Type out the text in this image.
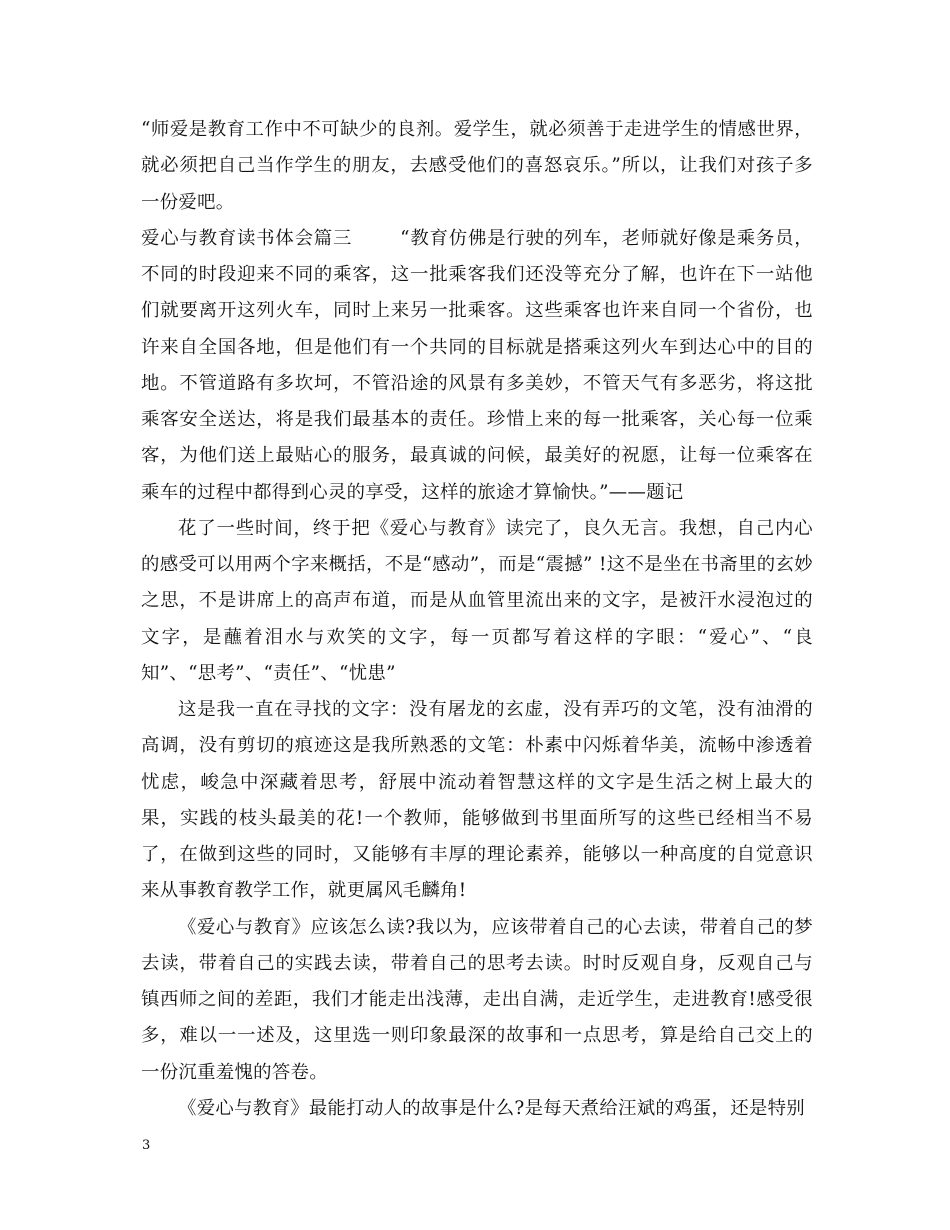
“师爱是教育工作中不可缺少的良剂。爱学生，就必须善于走进学生的情感世界，就必须把自己当作学生的朋友，去感受他们的喜怒哀乐。”所以，让我们对孩子多一份爱吧。

爱心与教育读书体会篇三	“教育仿佛是行驶的列车，老师就好像是乘务员，不同的时段迎来不同的乘客，这一批乘客我们还没等充分了解，也许在下一站他们就要离开这列火车，同时上来另一批乘客。这些乘客也许来自同一个省份，也许来自全国各地，但是他们有一个共同的目标就是搭乘这列火车到达心中的目的地。不管道路有多坎坷，不管沿途的风景有多美妙，不管天气有多恶劣，将这批乘客安全送达，将是我们最基本的责任。珍惜上来的每一批乘客，关心每一位乘客，为他们送上最贴心的服务，最真诚的问候，最美好的祝愿，让每一位乘客在乘车的过程中都得到心灵的享受，这样的旅途才算愉快。”——题记

花了一些时间，终于把《爱心与教育》读完了，良久无言。我想，自己内心的感受可以用两个字来概括，不是“感动”，而是“震撼” !这不是坐在书斋里的玄妙之思，不是讲席上的高声布道，而是从血管里流出来的文字，是被汗水浸泡过的文字，是蘸着泪水与欢笑的文字，每一页都写着这样的字眼：“爱心”、“良知”、“思考”、“责任”、“忧患”

这是我一直在寻找的文字：没有屠龙的玄虚，没有弄巧的文笔，没有油滑的高调，没有剪切的痕迹这是我所熟悉的文笔：朴素中闪烁着华美，流畅中渗透着忧虑，峻急中深藏着思考，舒展中流动着智慧这样的文字是生活之树上最大的果，实践的枝头最美的花!一个教师，能够做到书里面所写的这些已经相当不易了，在做到这些的同时，又能够有丰厚的理论素养，能够以一种高度的自觉意识来从事教育教学工作，就更属风毛麟角!

《爱心与教育》应该怎么读?我以为，应该带着自己的心去读，带着自己的梦去读，带着自己的实践去读，带着自己的思考去读。时时反观自身，反观自己与镇西师之间的差距，我们才能走出浅薄，走出自满，走近学生，走进教育!感受很多，难以一一述及，这里选一则印象最深的故事和一点思考，算是给自己交上的一份沉重羞愧的答卷。

《爱心与教育》最能打动人的故事是什么?是每天煮给汪斌的鸡蛋，还是特别

3
